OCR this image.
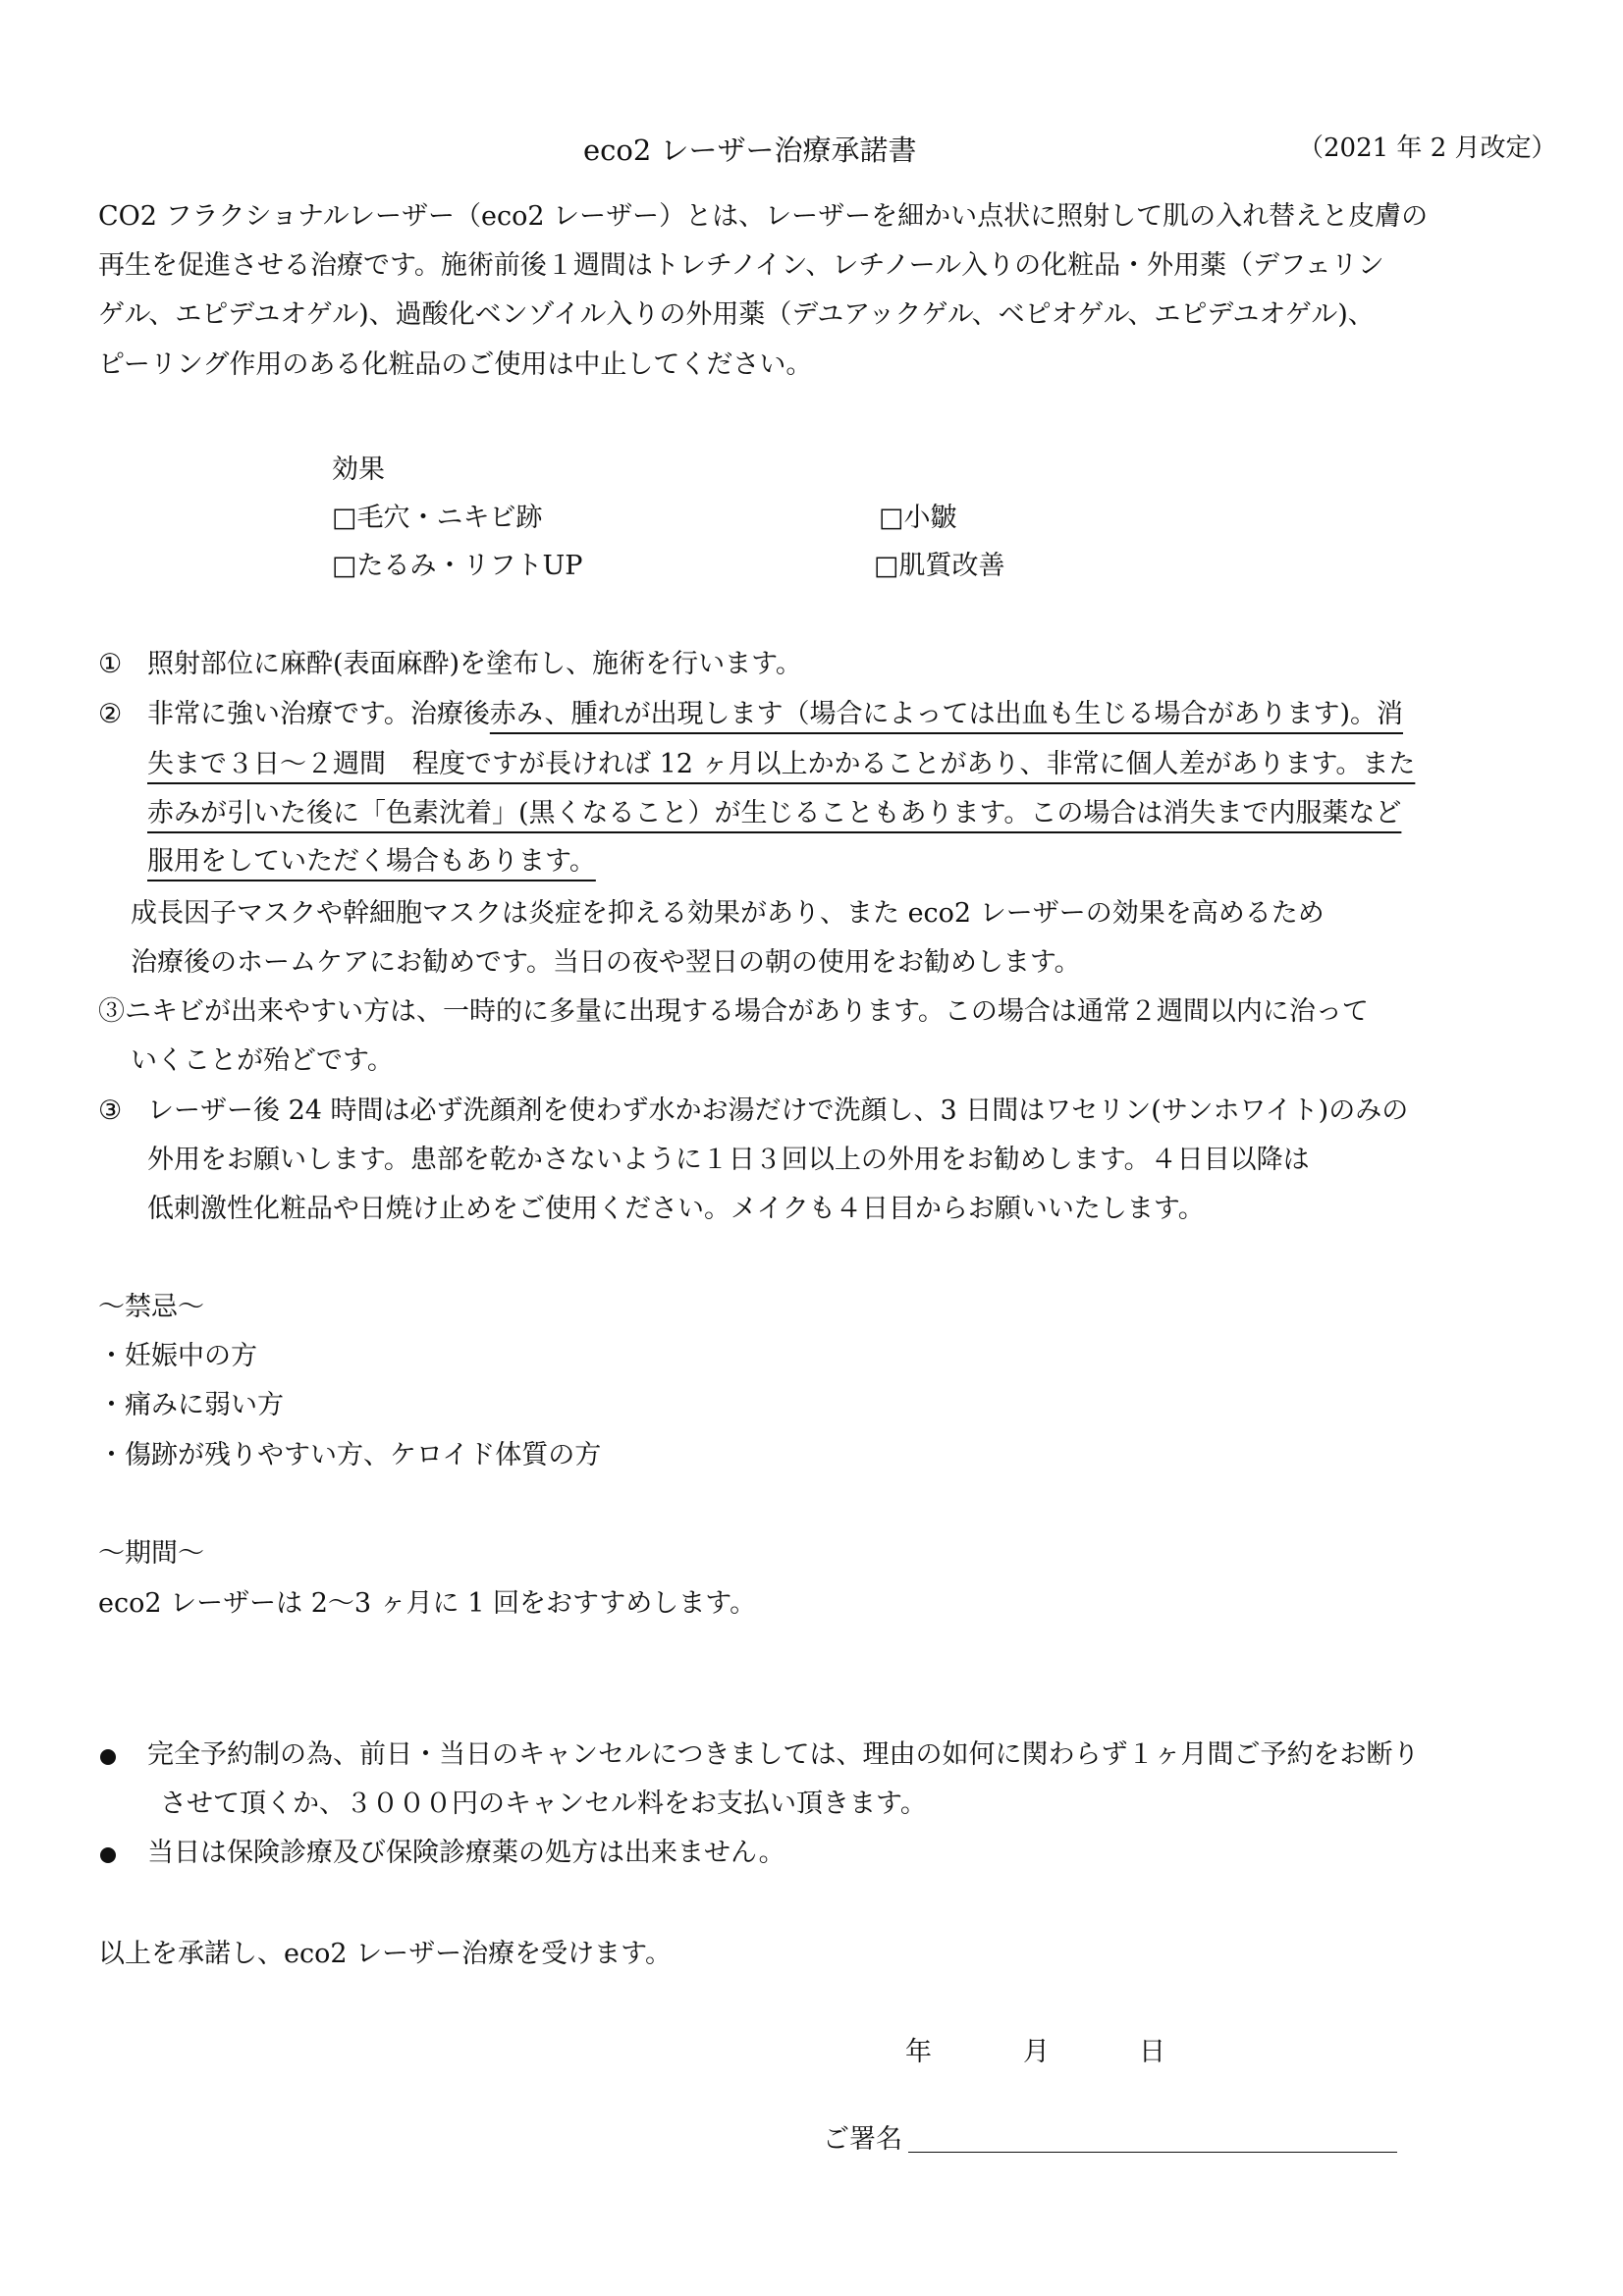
eco2 レーザー治療承諾書	（2021 年 2 月改定）
CO2 フラクショナルレーザー（eco2 レーザー）とは、レーザーを細かい点状に照射して肌の入れ替えと皮膚の
再生を促進させる治療です。施術前後１週間はトレチノイン、レチノール入りの化粧品・外用薬（デフェリン
ゲル、エピデユオゲル)、過酸化ベンゾイル入りの外用薬（デユアックゲル、ベピオゲル、エピデユオゲル)、
ピーリング作用のある化粧品のご使用は中止してください。
効果
□毛穴・ニキビ跡	□小皺
□たるみ・リフトUP	□肌質改善
① 照射部位に麻酔(表面麻酔)を塗布し、施術を行います。
② 非常に強い治療です。治療後赤み、腫れが出現します（場合によっては出血も生じる場合があります)。消
失まで３日〜２週間　程度ですが長ければ 12 ヶ月以上かかることがあり、非常に個人差があります。また
赤みが引いた後に「色素沈着」(黒くなること）が生じることもあります。この場合は消失まで内服薬など
服用をしていただく場合もあります。
成長因子マスクや幹細胞マスクは炎症を抑える効果があり、また eco2 レーザーの効果を高めるため
治療後のホームケアにお勧めです。当日の夜や翌日の朝の使用をお勧めします。
③ニキビが出来やすい方は、一時的に多量に出現する場合があります。この場合は通常２週間以内に治って
いくことが殆どです。
③ レーザー後 24 時間は必ず洗顔剤を使わず水かお湯だけで洗顔し、3 日間はワセリン(サンホワイト)のみの
外用をお願いします。患部を乾かさないように１日３回以上の外用をお勧めします。４日目以降は
低刺激性化粧品や日焼け止めをご使用ください。メイクも４日目からお願いいたします。
〜禁忌〜
・妊娠中の方
・痛みに弱い方
・傷跡が残りやすい方、ケロイド体質の方
〜期間〜
eco2 レーザーは 2〜3 ヶ月に 1 回をおすすめします。
完全予約制の為、前日・当日のキャンセルにつきましては、理由の如何に関わらず１ヶ月間ご予約をお断り
させて頂くか、３０００円のキャンセル料をお支払い頂きます。
当日は保険診療及び保険診療薬の処方は出来ません。
以上を承諾し、eco2 レーザー治療を受けます。
年	月	日
ご署名
